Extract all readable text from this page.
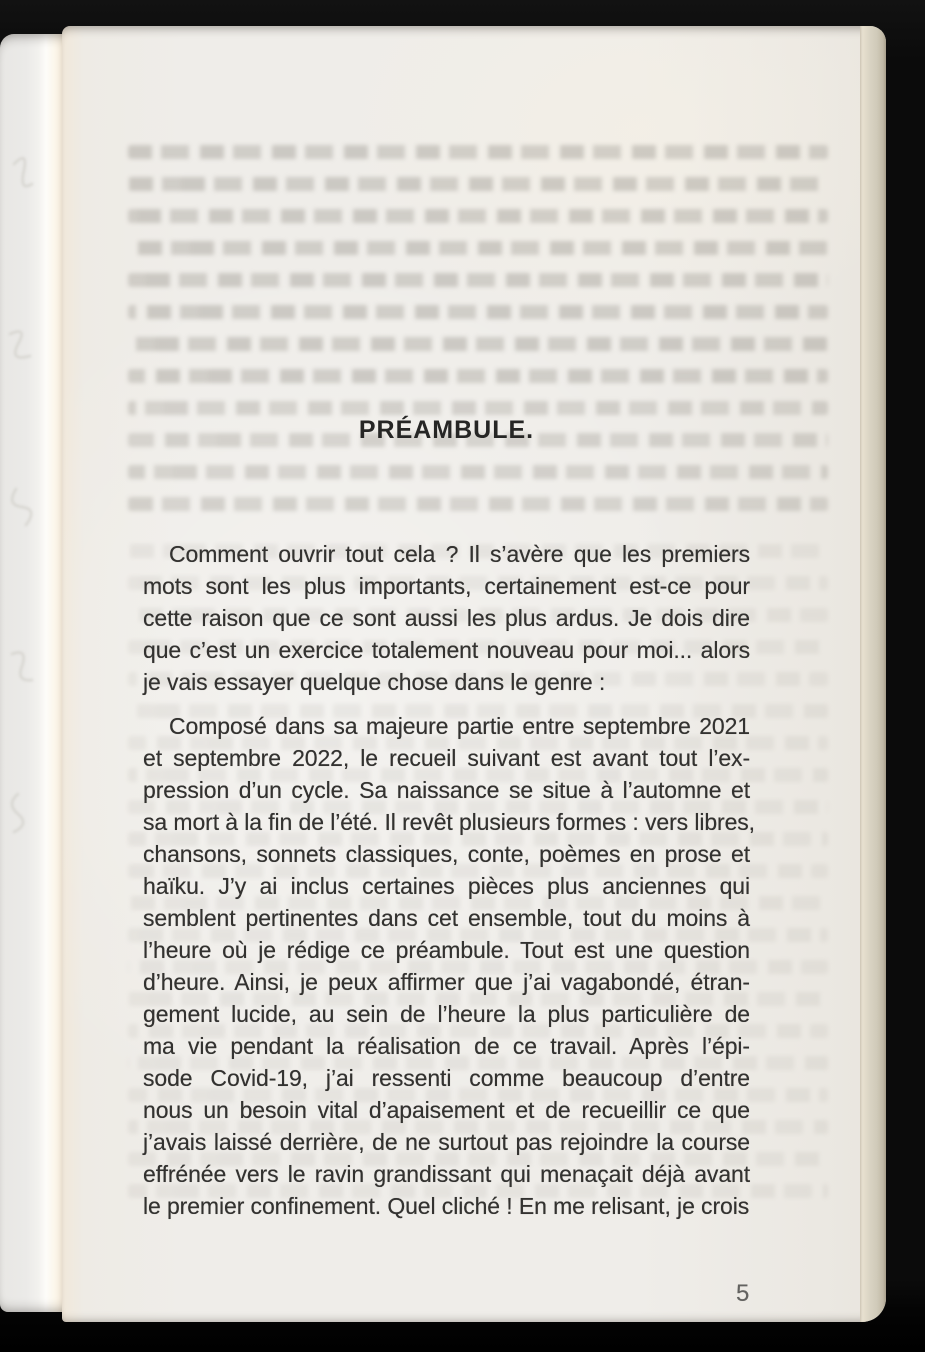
PRÉAMBULE.
Comment ouvrir tout cela ? Il s’avère que les premiers
mots sont les plus importants, certainement est-ce pour
cette raison que ce sont aussi les plus ardus. Je dois dire
que c’est un exercice totalement nouveau pour moi... alors
je vais essayer quelque chose dans le genre :
Composé dans sa majeure partie entre septembre 2021
et septembre 2022, le recueil suivant est avant tout l’ex-
pression d’un cycle. Sa naissance se situe à l’automne et
sa mort à la fin de l’été. Il revêt plusieurs formes : vers libres,
chansons, sonnets classiques, conte, poèmes en prose et
haïku. J’y ai inclus certaines pièces plus anciennes qui
semblent pertinentes dans cet ensemble, tout du moins à
l’heure où je rédige ce préambule. Tout est une question
d’heure. Ainsi, je peux affirmer que j’ai vagabondé, étran-
gement lucide, au sein de l’heure la plus particulière de
ma vie pendant la réalisation de ce travail. Après l’épi-
sode Covid-19, j’ai ressenti comme beaucoup d’entre
nous un besoin vital d’apaisement et de recueillir ce que
j’avais laissé derrière, de ne surtout pas rejoindre la course
effrénée vers le ravin grandissant qui menaçait déjà avant
le premier confinement. Quel cliché ! En me relisant, je crois
5
